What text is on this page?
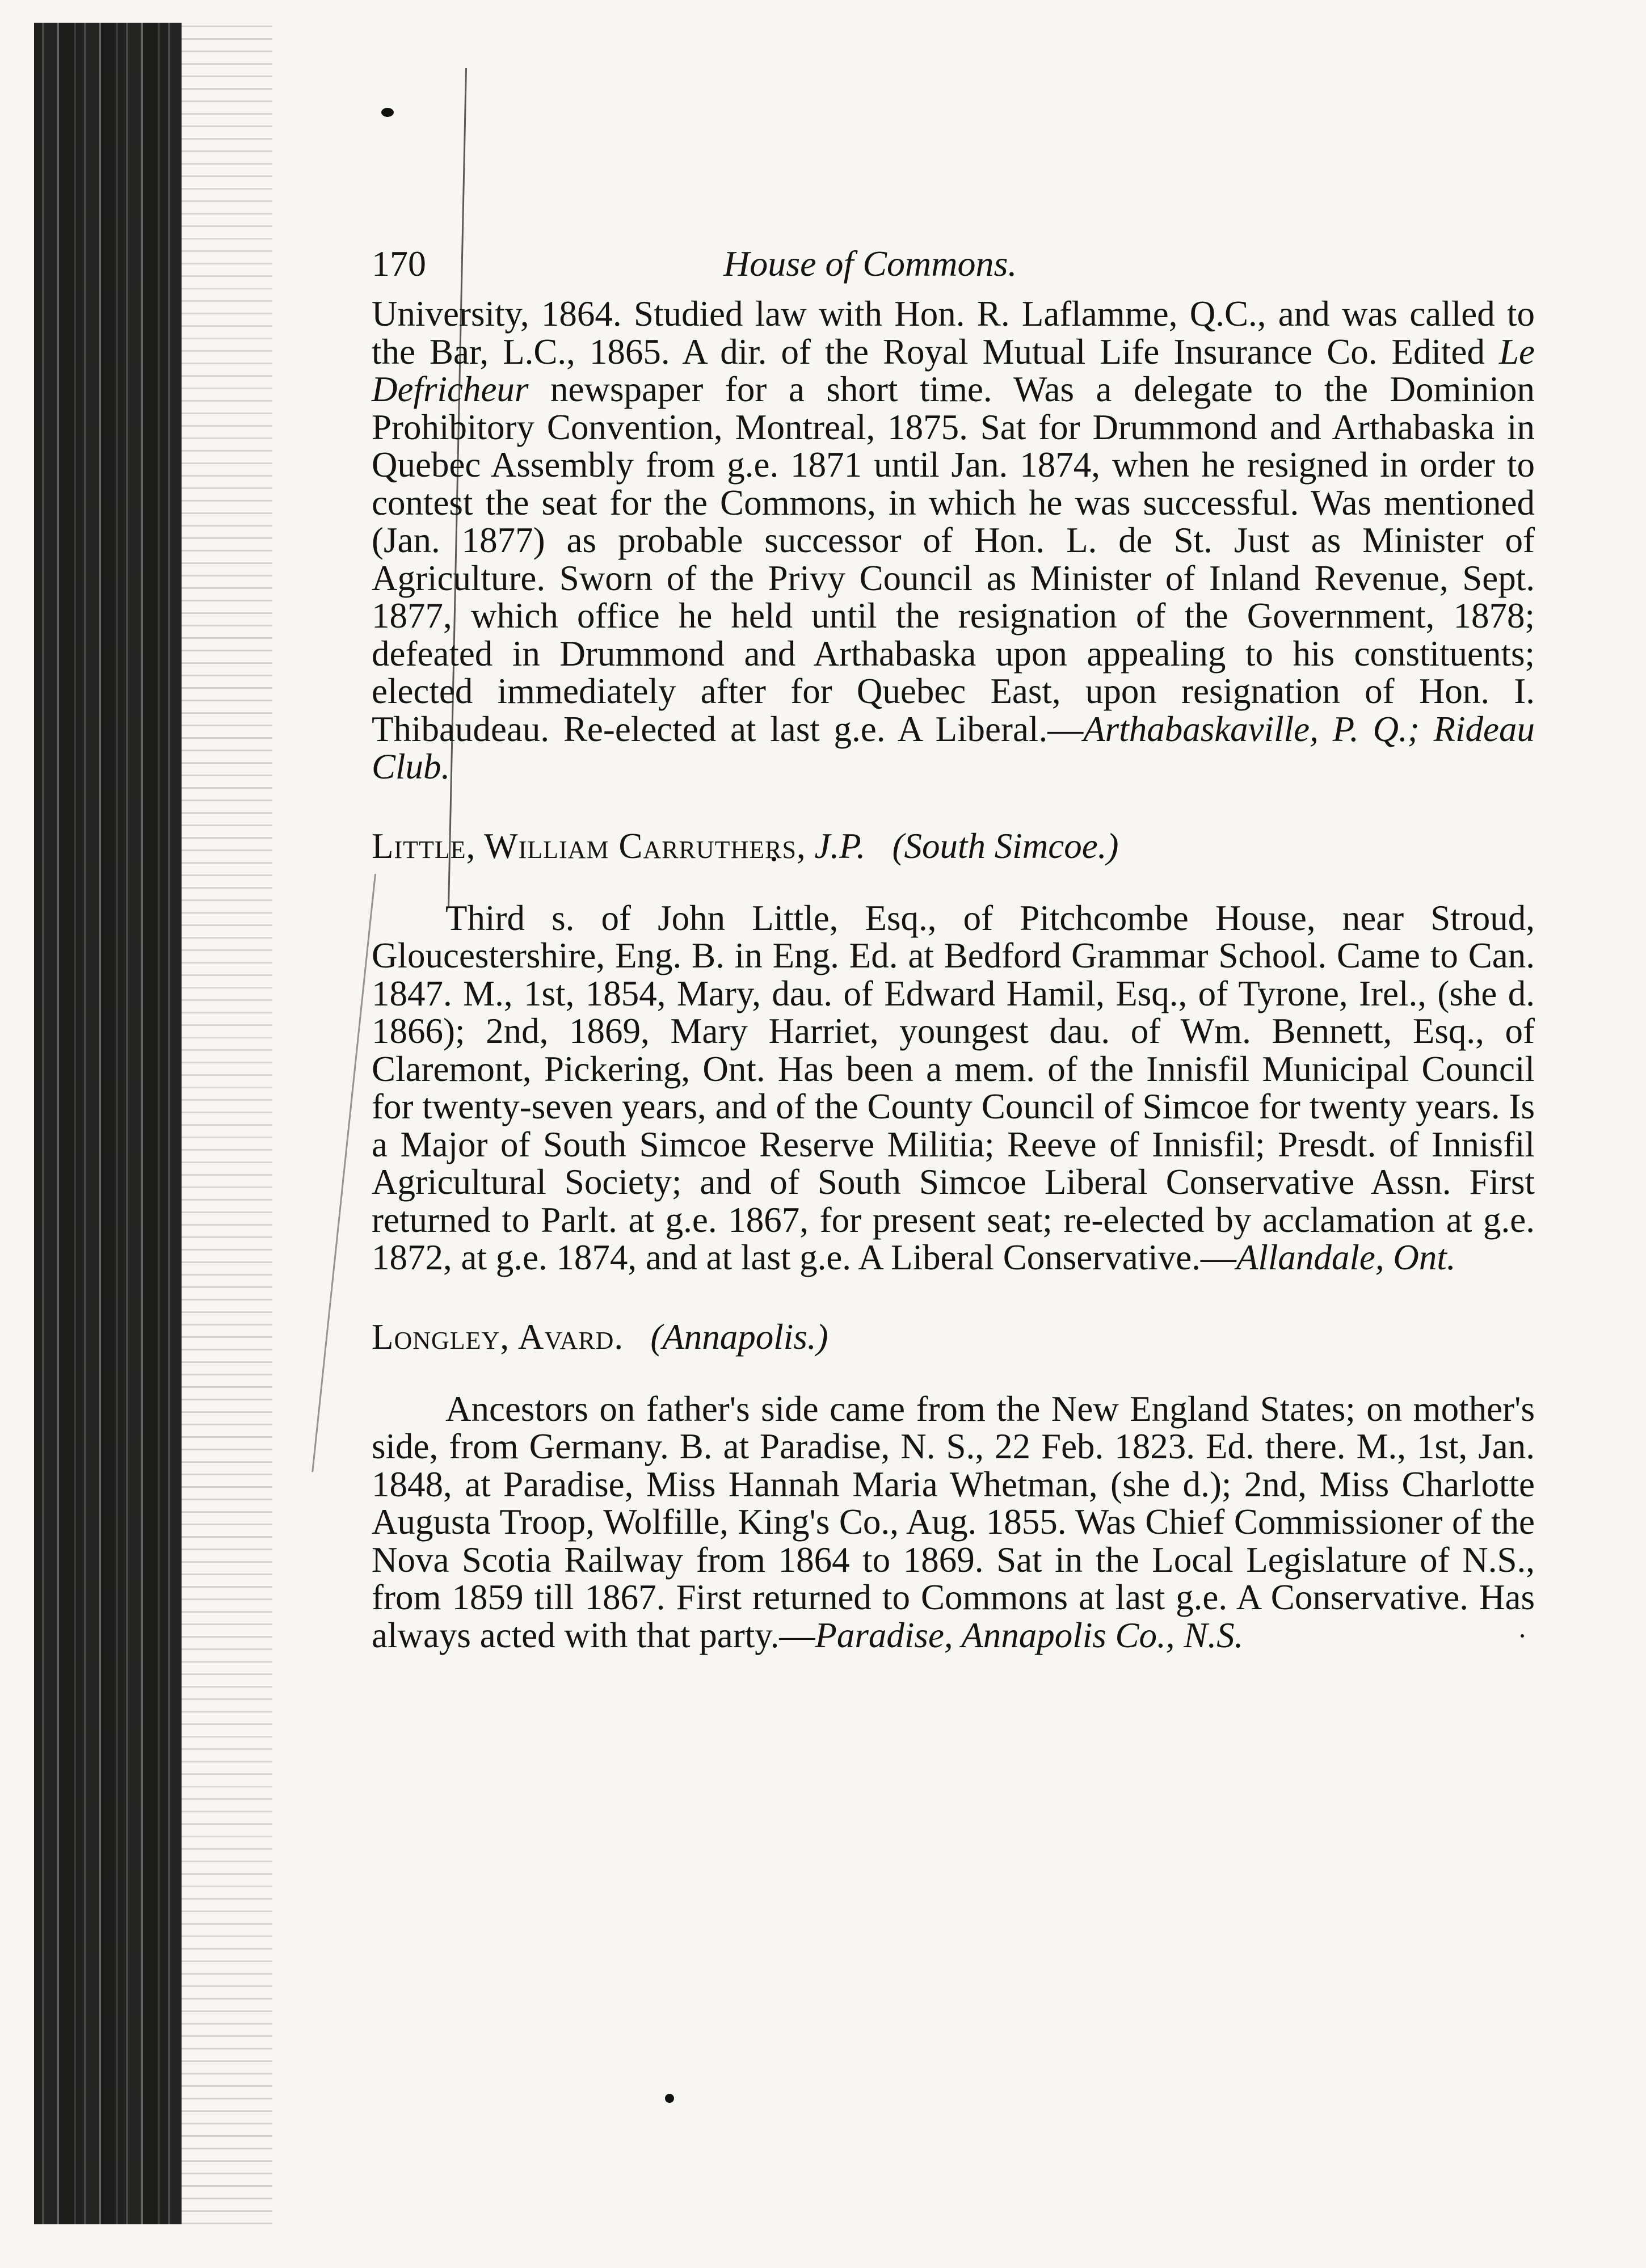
170	House of Commons.

University, 1864. Studied law with Hon. R. Laflamme, Q.C., and was called to the Bar, L.C., 1865. A dir. of the Royal Mutual Life Insurance Co. Edited Le Defricheur newspaper for a short time. Was a delegate to the Dominion Prohibitory Convention, Montreal, 1875. Sat for Drummond and Arthabaska in Quebec Assembly from g.e. 1871 until Jan. 1874, when he resigned in order to contest the seat for the Commons, in which he was successful. Was mentioned (Jan. 1877) as probable successor of Hon. L. de St. Just as Minister of Agriculture. Sworn of the Privy Council as Minister of Inland Revenue, Sept. 1877, which office he held until the resignation of the Government, 1878; defeated in Drummond and Arthabaska upon appealing to his constituents; elected immediately after for Quebec East, upon resignation of Hon. I. Thibaudeau. Re-elected at last g.e. A Liberal.—Arthabaskaville, P. Q.; Rideau Club.

Little, William Carruthers, J.P. (South Simcoe.)

Third s. of John Little, Esq., of Pitchcombe House, near Stroud, Gloucestershire, Eng. B. in Eng. Ed. at Bedford Grammar School. Came to Can. 1847. M., 1st, 1854, Mary, dau. of Edward Hamil, Esq., of Tyrone, Irel., (she d. 1866); 2nd, 1869, Mary Harriet, youngest dau. of Wm. Bennett, Esq., of Claremont, Pickering, Ont. Has been a mem. of the Innisfil Municipal Council for twenty-seven years, and of the County Council of Simcoe for twenty years. Is a Major of South Simcoe Reserve Militia; Reeve of Innisfil; Presdt. of Innisfil Agricultural Society; and of South Simcoe Liberal Conservative Assn. First returned to Parlt. at g.e. 1867, for present seat; re-elected by acclamation at g.e. 1872, at g.e. 1874, and at last g.e. A Liberal Conservative.—Allandale, Ont.

Longley, Avard. (Annapolis.)

Ancestors on father's side came from the New England States; on mother's side, from Germany. B. at Paradise, N. S., 22 Feb. 1823. Ed. there. M., 1st, Jan. 1848, at Paradise, Miss Hannah Maria Whetman, (she d.); 2nd, Miss Charlotte Augusta Troop, Wolfille, King's Co., Aug. 1855. Was Chief Commissioner of the Nova Scotia Railway from 1864 to 1869. Sat in the Local Legislature of N.S., from 1859 till 1867. First returned to Commons at last g.e. A Conservative. Has always acted with that party.—Paradise, Annapolis Co., N.S.
